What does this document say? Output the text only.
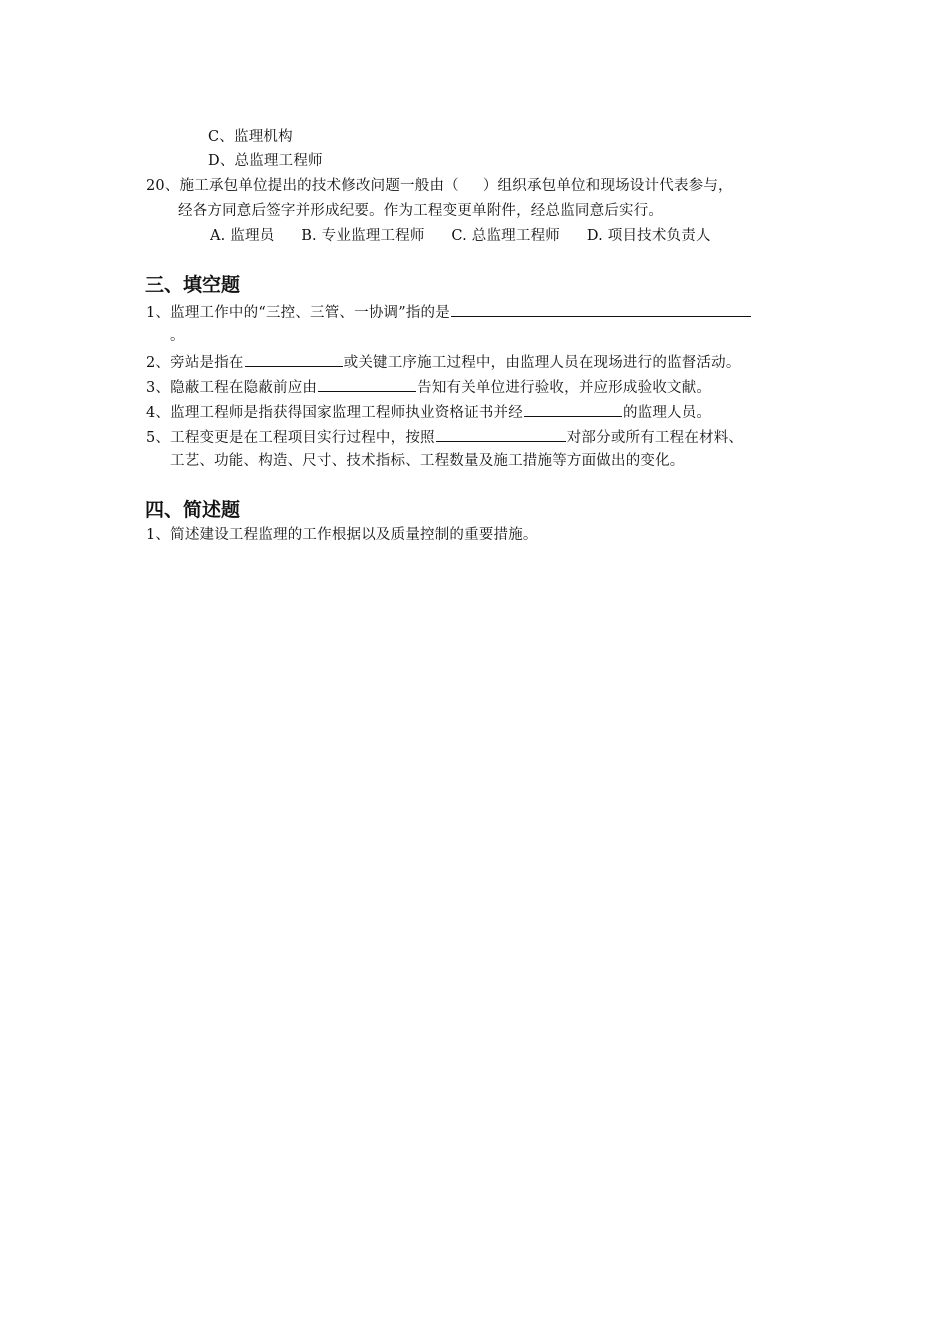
C、监理机构
D、总监理工程师
20、施工承包单位提出的技术修改问题一般由（ ）组织承包单位和现场设计代表参与，
经各方同意后签字并形成纪要。作为工程变更单附件，经总监同意后实行。
A. 监理员 B. 专业监理工程师 C. 总监理工程师 D. 项目技术负责人
三、填空题
1、监理工作中的“三控、三管、一协调”指的是
。
2、旁站是指在	或关键工序施工过程中，由监理人员在现场进行的监督活动。
3、隐蔽工程在隐蔽前应由	告知有关单位进行验收，并应形成验收文献。
4、监理工程师是指获得国家监理工程师执业资格证书并经	的监理人员。
5、工程变更是在工程项目实行过程中，按照	对部分或所有工程在材料、
工艺、功能、构造、尺寸、技术指标、工程数量及施工措施等方面做出的变化。
四、简述题
1、简述建设工程监理的工作根据以及质量控制的重要措施。
